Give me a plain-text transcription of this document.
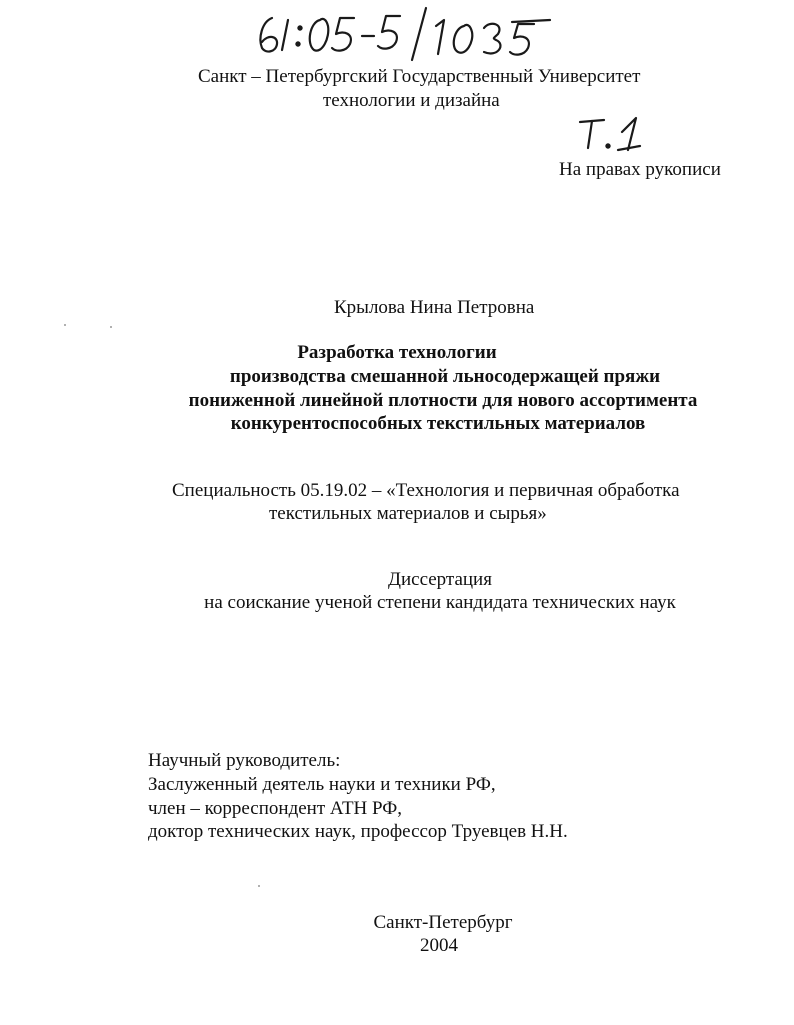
Санкт – Петербургский Государственный Университет
технологии и дизайна
На правах рукописи
Крылова Нина Петровна
Разработка технологии
производства смешанной льносодержащей пряжи
пониженной линейной плотности для нового ассортимента
конкурентоспособных текстильных материалов
Специальность 05.19.02 – «Технология и первичная обработка
текстильных материалов и сырья»
Диссертация
на соискание ученой степени кандидата технических наук
Научный руководитель:
Заслуженный деятель науки и техники РФ,
член – корреспондент АТН РФ,
доктор технических наук, профессор Труевцев Н.Н.
Санкт-Петербург
2004
